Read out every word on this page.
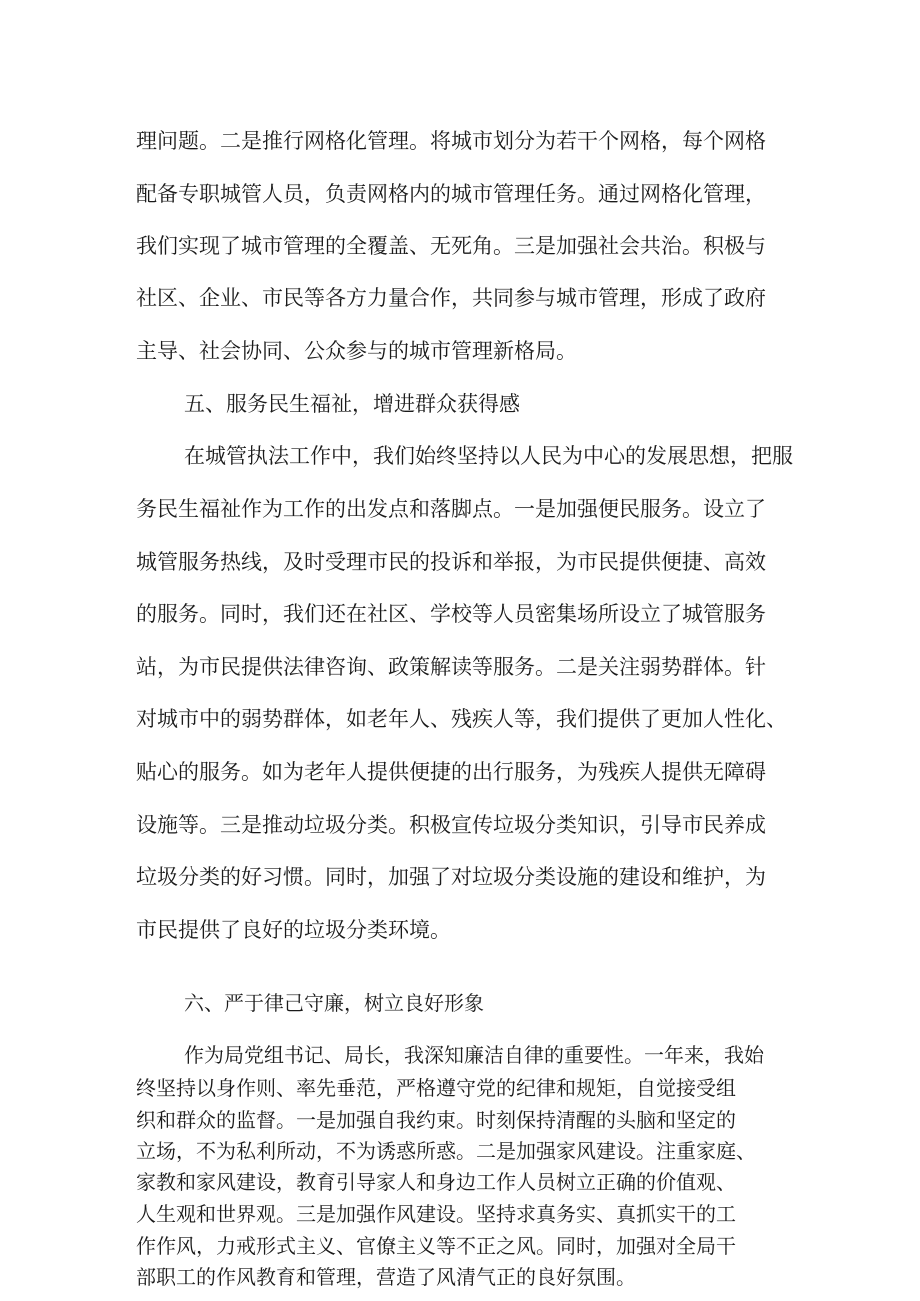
理问题。二是推行网格化管理。将城市划分为若干个网格，每个网格

配备专职城管人员，负责网格内的城市管理任务。通过网格化管理，

我们实现了城市管理的全覆盖、无死角。三是加强社会共治。积极与

社区、企业、市民等各方力量合作，共同参与城市管理，形成了政府

主导、社会协同、公众参与的城市管理新格局。

五、服务民生福祉，增进群众获得感

在城管执法工作中，我们始终坚持以人民为中心的发展思想，把服

务民生福祉作为工作的出发点和落脚点。一是加强便民服务。设立了

城管服务热线，及时受理市民的投诉和举报，为市民提供便捷、高效

的服务。同时，我们还在社区、学校等人员密集场所设立了城管服务

站，为市民提供法律咨询、政策解读等服务。二是关注弱势群体。针

对城市中的弱势群体，如老年人、残疾人等，我们提供了更加人性化、

贴心的服务。如为老年人提供便捷的出行服务，为残疾人提供无障碍

设施等。三是推动垃圾分类。积极宣传垃圾分类知识，引导市民养成

垃圾分类的好习惯。同时，加强了对垃圾分类设施的建设和维护，为

市民提供了良好的垃圾分类环境。

六、严于律己守廉，树立良好形象

作为局党组书记、局长，我深知廉洁自律的重要性。一年来，我始

终坚持以身作则、率先垂范，严格遵守党的纪律和规矩，自觉接受组

织和群众的监督。一是加强自我约束。时刻保持清醒的头脑和坚定的

立场，不为私利所动，不为诱惑所惑。二是加强家风建设。注重家庭、

家教和家风建设，教育引导家人和身边工作人员树立正确的价值观、

人生观和世界观。三是加强作风建设。坚持求真务实、真抓实干的工

作作风，力戒形式主义、官僚主义等不正之风。同时，加强对全局干

部职工的作风教育和管理，营造了风清气正的良好氛围。
